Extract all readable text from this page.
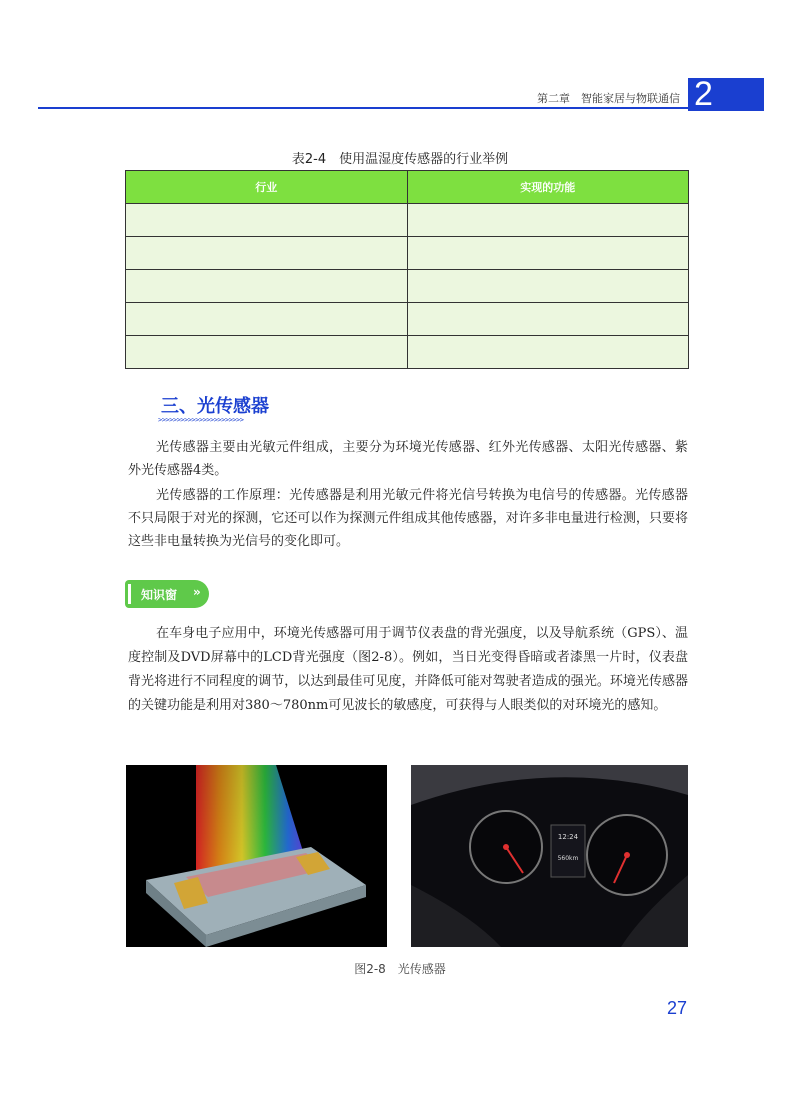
第二章　智能家居与物联通信 2
表2-4　使用温湿度传感器的行业举例
行业	实现的功能

三、光传感器
>>>>>>>>>>>>>>>>>>>>>>>

光传感器主要由光敏元件组成，主要分为环境光传感器、红外光传感器、太阳光传感器、紫外光传感器4类。

光传感器的工作原理：光传感器是利用光敏元件将光信号转换为电信号的传感器。光传感器不只局限于对光的探测，它还可以作为探测元件组成其他传感器，对许多非电量进行检测，只要将这些非电量转换为光信号的变化即可。

知识窗 »

在车身电子应用中，环境光传感器可用于调节仪表盘的背光强度，以及导航系统（GPS）、温度控制及DVD屏幕中的LCD背光强度（图2-8）。例如，当日光变得昏暗或者漆黑一片时，仪表盘背光将进行不同程度的调节，以达到最佳可见度，并降低可能对驾驶者造成的强光。环境光传感器的关键功能是利用对380～780nm可见波长的敏感度，可获得与人眼类似的对环境光的感知。

12:24
560km
图2-8　光传感器
27
